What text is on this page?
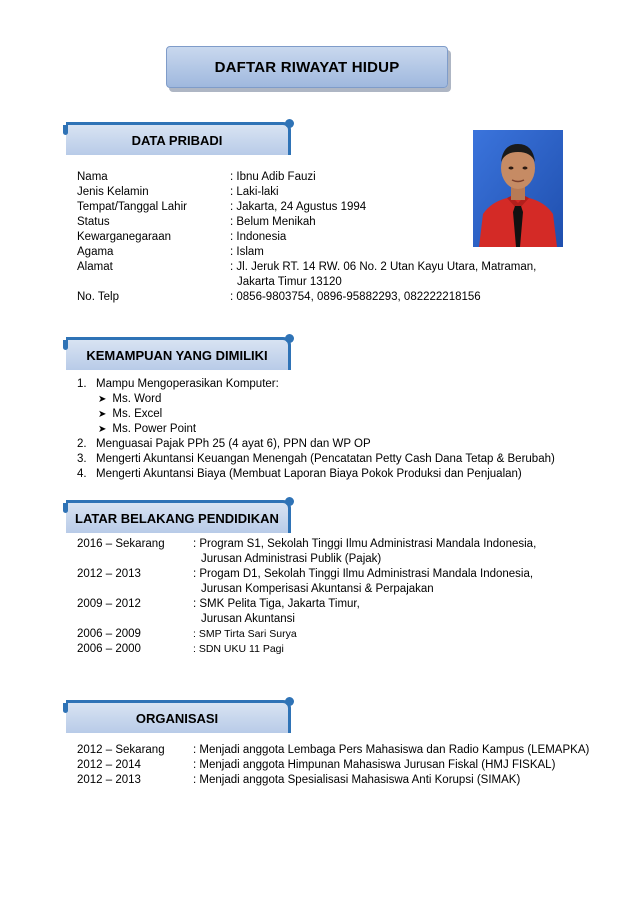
DAFTAR RIWAYAT HIDUP
DATA PRIBADI
Nama	: Ibnu Adib Fauzi
Jenis Kelamin	: Laki-laki
Tempat/Tanggal Lahir	: Jakarta, 24 Agustus 1994
Status	: Belum Menikah
Kewarganegaraan	: Indonesia
Agama	: Islam
Alamat	: Jl. Jeruk RT. 14 RW. 06 No. 2 Utan Kayu Utara, Matraman,
Jakarta Timur 13120
No. Telp	: 0856-9803754, 0896-95882293, 082222218156
KEMAMPUAN YANG DIMILIKI
1. Mampu Mengoperasikan Komputer:
➤ Ms. Word
➤ Ms. Excel
➤ Ms. Power Point
2. Menguasai Pajak PPh 25 (4 ayat 6), PPN dan WP OP
3. Mengerti Akuntansi Keuangan Menengah (Pencatatan Petty Cash Dana Tetap & Berubah)
4. Mengerti Akuntansi Biaya (Membuat Laporan Biaya Pokok Produksi dan Penjualan)
LATAR BELAKANG PENDIDIKAN
2016 – Sekarang : Program S1, Sekolah Tinggi Ilmu Administrasi Mandala Indonesia,
Jurusan Administrasi Publik (Pajak)
2012 – 2013	: Progam D1, Sekolah Tinggi Ilmu Administrasi Mandala Indonesia,
Jurusan Komperisasi Akuntansi & Perpajakan
2009 – 2012	: SMK Pelita Tiga, Jakarta Timur,
Jurusan Akuntansi
2006 – 2009	: SMP Tirta Sari Surya
2006 – 2000	: SDN UKU 11 Pagi
ORGANISASI
2012 – Sekarang : Menjadi anggota Lembaga Pers Mahasiswa dan Radio Kampus (LEMAPKA)
2012 – 2014	: Menjadi anggota Himpunan Mahasiswa Jurusan Fiskal (HMJ FISKAL)
2012 – 2013	: Menjadi anggota Spesialisasi Mahasiswa Anti Korupsi (SIMAK)
